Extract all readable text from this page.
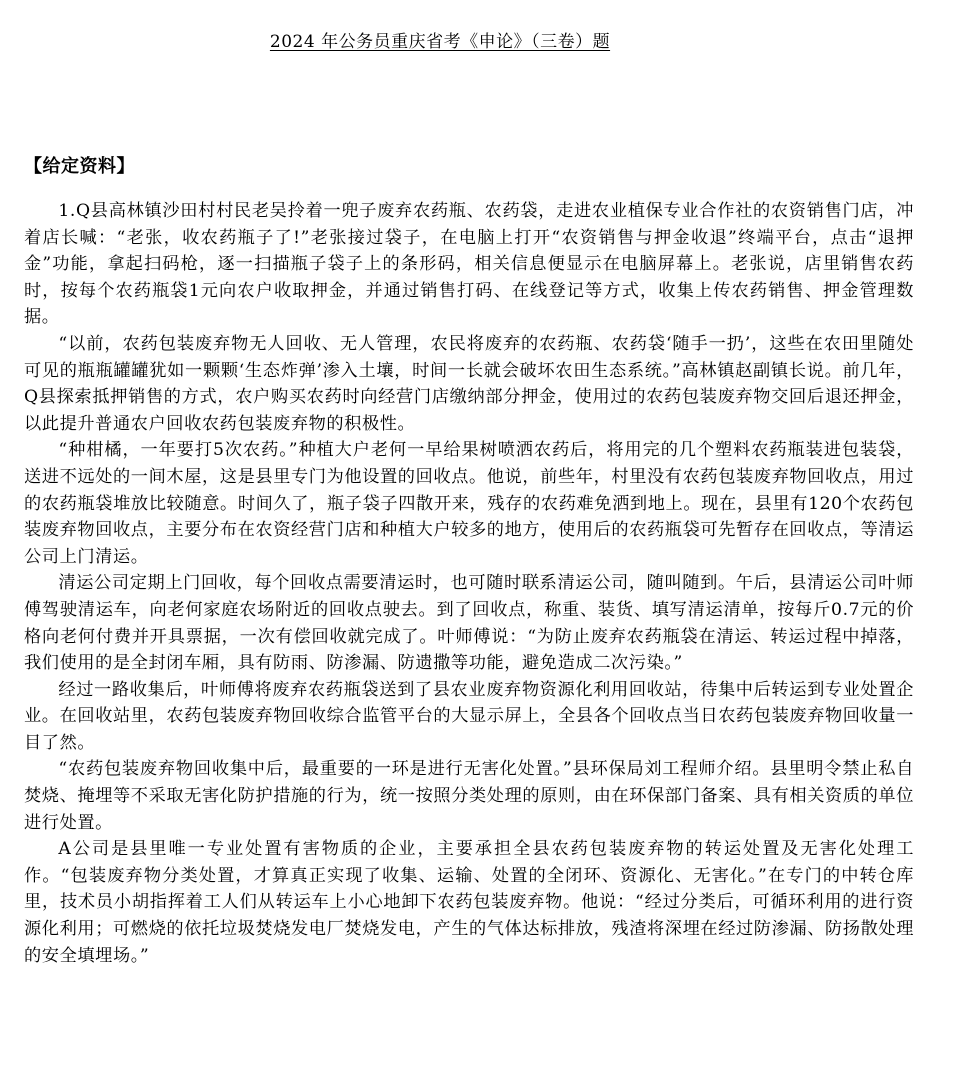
2024 年公务员重庆省考《申论》（三卷）题
【给定资料】

1.Q县高林镇沙田村村民老吴拎着一兜子废弃农药瓶、农药袋，走进农业植保专业合作社的农资销售门店，冲着店长喊：“老张，收农药瓶子了!”老张接过袋子，在电脑上打开“农资销售与押金收退”终端平台，点击“退押金”功能，拿起扫码枪，逐一扫描瓶子袋子上的条形码，相关信息便显示在电脑屏幕上。老张说，店里销售农药时，按每个农药瓶袋1元向农户收取押金，并通过销售打码、在线登记等方式，收集上传农药销售、押金管理数据。

“以前，农药包装废弃物无人回收、无人管理，农民将废弃的农药瓶、农药袋‘随手一扔’，这些在农田里随处可见的瓶瓶罐罐犹如一颗颗‘生态炸弹’渗入土壤，时间一长就会破坏农田生态系统。”高林镇赵副镇长说。前几年，Q县探索抵押销售的方式，农户购买农药时向经营门店缴纳部分押金，使用过的农药包装废弃物交回后退还押金，以此提升普通农户回收农药包装废弃物的积极性。

“种柑橘，一年要打5次农药。”种植大户老何一早给果树喷洒农药后，将用完的几个塑料农药瓶装进包装袋，送进不远处的一间木屋，这是县里专门为他设置的回收点。他说，前些年，村里没有农药包装废弃物回收点，用过的农药瓶袋堆放比较随意。时间久了，瓶子袋子四散开来，残存的农药难免洒到地上。现在，县里有120个农药包装废弃物回收点，主要分布在农资经营门店和种植大户较多的地方，使用后的农药瓶袋可先暂存在回收点，等清运公司上门清运。

清运公司定期上门回收，每个回收点需要清运时，也可随时联系清运公司，随叫随到。午后，县清运公司叶师傅驾驶清运车，向老何家庭农场附近的回收点驶去。到了回收点，称重、装货、填写清运清单，按每斤0.7元的价格向老何付费并开具票据，一次有偿回收就完成了。叶师傅说：“为防止废弃农药瓶袋在清运、转运过程中掉落，我们使用的是全封闭车厢，具有防雨、防渗漏、防遗撒等功能，避免造成二次污染。”

经过一路收集后，叶师傅将废弃农药瓶袋送到了县农业废弃物资源化利用回收站，待集中后转运到专业处置企业。在回收站里，农药包装废弃物回收综合监管平台的大显示屏上，全县各个回收点当日农药包装废弃物回收量一目了然。

“农药包装废弃物回收集中后，最重要的一环是进行无害化处置。”县环保局刘工程师介绍。县里明令禁止私自焚烧、掩埋等不采取无害化防护措施的行为，统一按照分类处理的原则，由在环保部门备案、具有相关资质的单位进行处置。

A公司是县里唯一专业处置有害物质的企业，主要承担全县农药包装废弃物的转运处置及无害化处理工作。“包装废弃物分类处置，才算真正实现了收集、运输、处置的全闭环、资源化、无害化。”在专门的中转仓库里，技术员小胡指挥着工人们从转运车上小心地卸下农药包装废弃物。他说：“经过分类后，可循环利用的进行资源化利用；可燃烧的依托垃圾焚烧发电厂焚烧发电，产生的气体达标排放，残渣将深埋在经过防渗漏、防扬散处理的安全填埋场。”
